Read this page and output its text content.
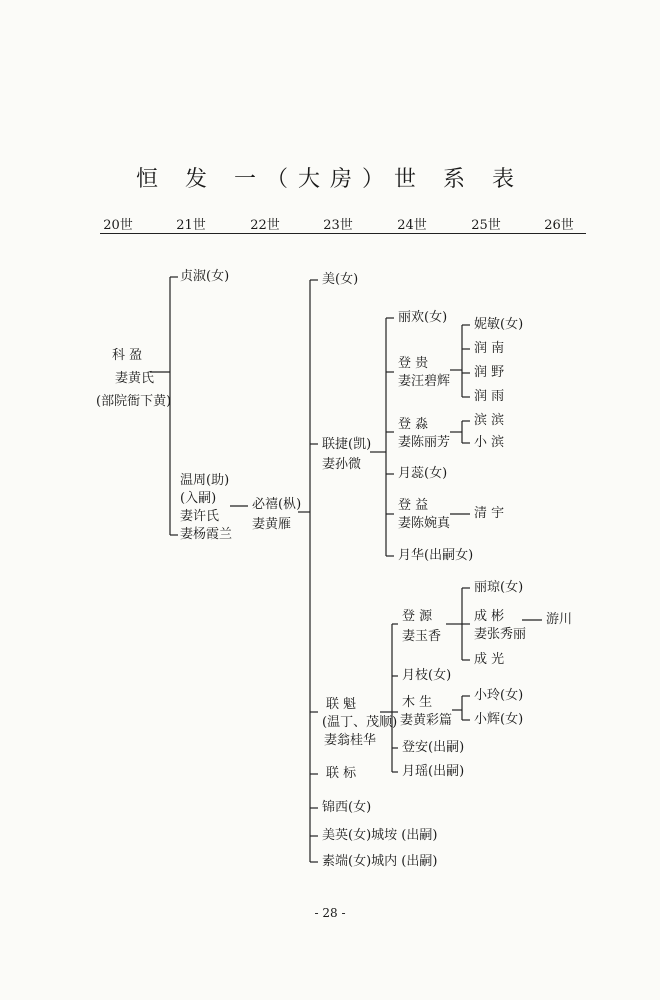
恒 发 一（大房）世 系 表
20世	21世	22世	23世	24世	25世	26世
科 盈
妻黄氏
(部院衙下黄)
贞淑(女)
温周(助)
(入嗣)
妻许氏
妻杨霞兰
必禧(枞)
妻黄雁
美(女)
联捷(凯)
妻孙微
联 魁
(温丁、茂顺)
妻翁桂华
联 标
锦西(女)
美英(女)城垵 (出嗣)
素端(女)城内 (出嗣)
丽欢(女)
登 贵
妻汪碧辉
登 淼
妻陈丽芳
月蕊(女)
登 益
妻陈婉真
月华(出嗣女)
登 源
妻玉香
月枝(女)
木 生
妻黄彩篇
登安(出嗣)
月瑶(出嗣)
妮敏(女)
润 南
润 野
润 雨
滨 滨
小 滨
清 宇
丽琼(女)
成 彬
妻张秀丽
成 光
小玲(女)
小辉(女)
游川
- 28 -
